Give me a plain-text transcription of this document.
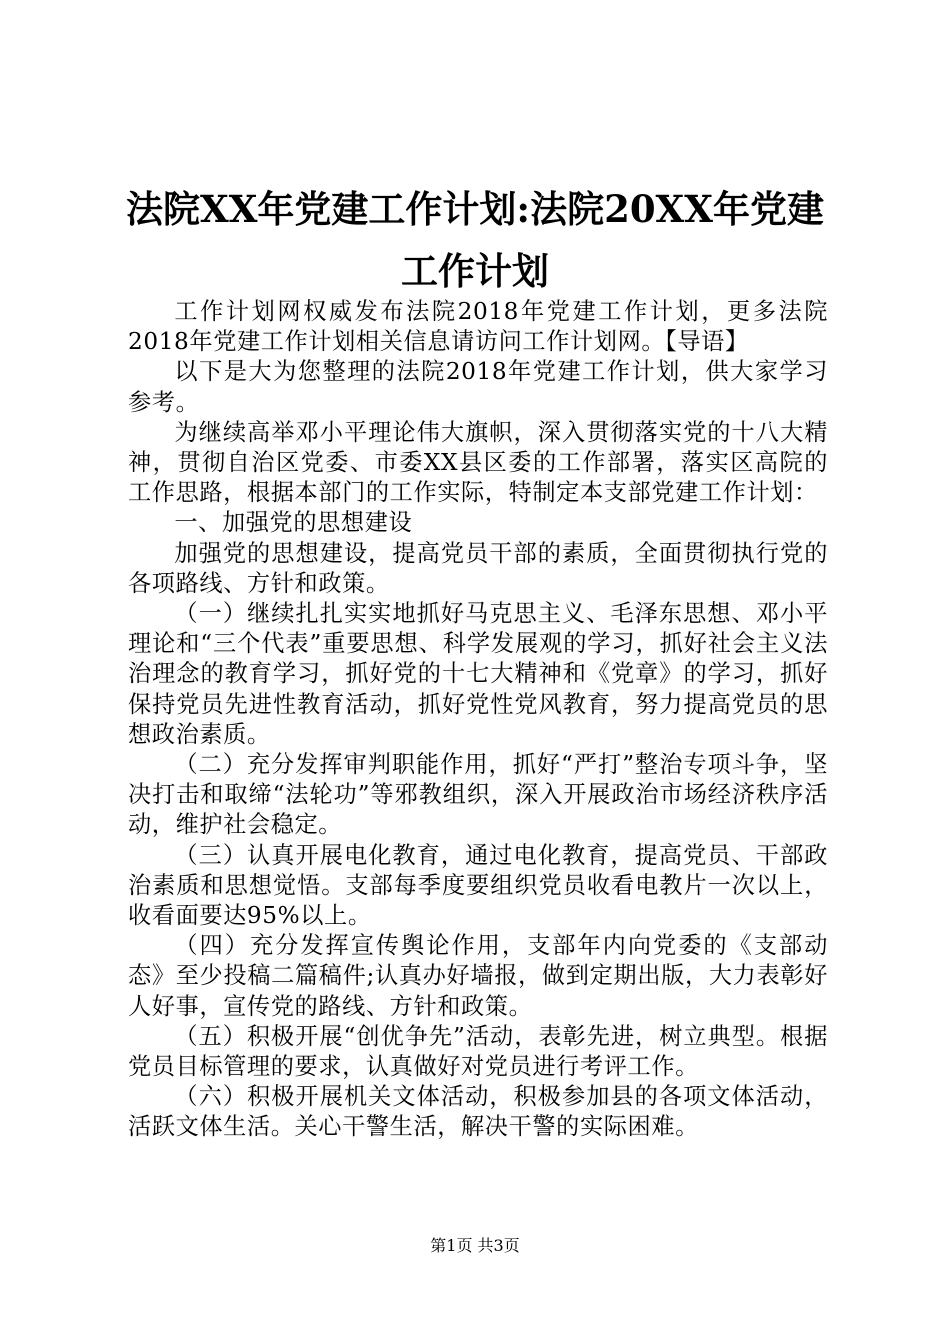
法院XX年党建工作计划:法院20XX年党建工作计划

工作计划网权威发布法院2018年党建工作计划，更多法院2018年党建工作计划相关信息请访问工作计划网。【导语】

以下是大为您整理的法院2018年党建工作计划，供大家学习参考。

为继续高举邓小平理论伟大旗帜，深入贯彻落实党的十八大精神，贯彻自治区党委、市委XX县区委的工作部署，落实区高院的工作思路，根据本部门的工作实际，特制定本支部党建工作计划：

一、加强党的思想建设

加强党的思想建设，提高党员干部的素质，全面贯彻执行党的各项路线、方针和政策。

（一）继续扎扎实实地抓好马克思主义、毛泽东思想、邓小平理论和“三个代表”重要思想、科学发展观的学习，抓好社会主义法治理念的教育学习，抓好党的十七大精神和《党章》的学习，抓好保持党员先进性教育活动，抓好党性党风教育，努力提高党员的思想政治素质。

（二）充分发挥审判职能作用，抓好“严打”整治专项斗争，坚决打击和取缔“法轮功”等邪教组织，深入开展政治市场经济秩序活动，维护社会稳定。

（三）认真开展电化教育，通过电化教育，提高党员、干部政治素质和思想觉悟。支部每季度要组织党员收看电教片一次以上，收看面要达95%以上。

（四）充分发挥宣传舆论作用，支部年内向党委的《支部动态》至少投稿二篇稿件;认真办好墙报，做到定期出版，大力表彰好人好事，宣传党的路线、方针和政策。

（五）积极开展“创优争先”活动，表彰先进，树立典型。根据党员目标管理的要求，认真做好对党员进行考评工作。

（六）积极开展机关文体活动，积极参加县的各项文体活动，活跃文体生活。关心干警生活，解决干警的实际困难。

第1页 共3页
